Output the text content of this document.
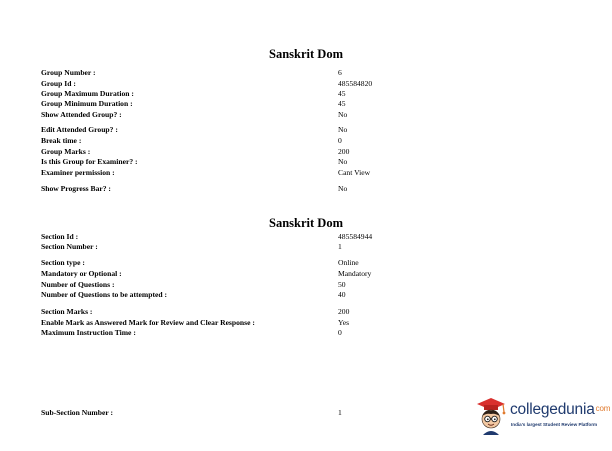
Sanskrit Dom
Group Number :	6
Group Id :	485584820
Group Maximum Duration :	45
Group Minimum Duration :	45
Show Attended Group? :	No
Edit Attended Group? :	No
Break time :	0
Group Marks :	200
Is this Group for Examiner? :	No
Examiner permission :	Cant View
Show Progress Bar? :	No
Sanskrit Dom
Section Id :	485584944
Section Number :	1
Section type :	Online
Mandatory or Optional :	Mandatory
Number of Questions :	50
Number of Questions to be attempted :	40
Section Marks :	200
Enable Mark as Answered Mark for Review and Clear Response :	Yes
Maximum Instruction Time :	0
Sub-Section Number :	1	collegeduniacom
India's largest Student Review Platform
